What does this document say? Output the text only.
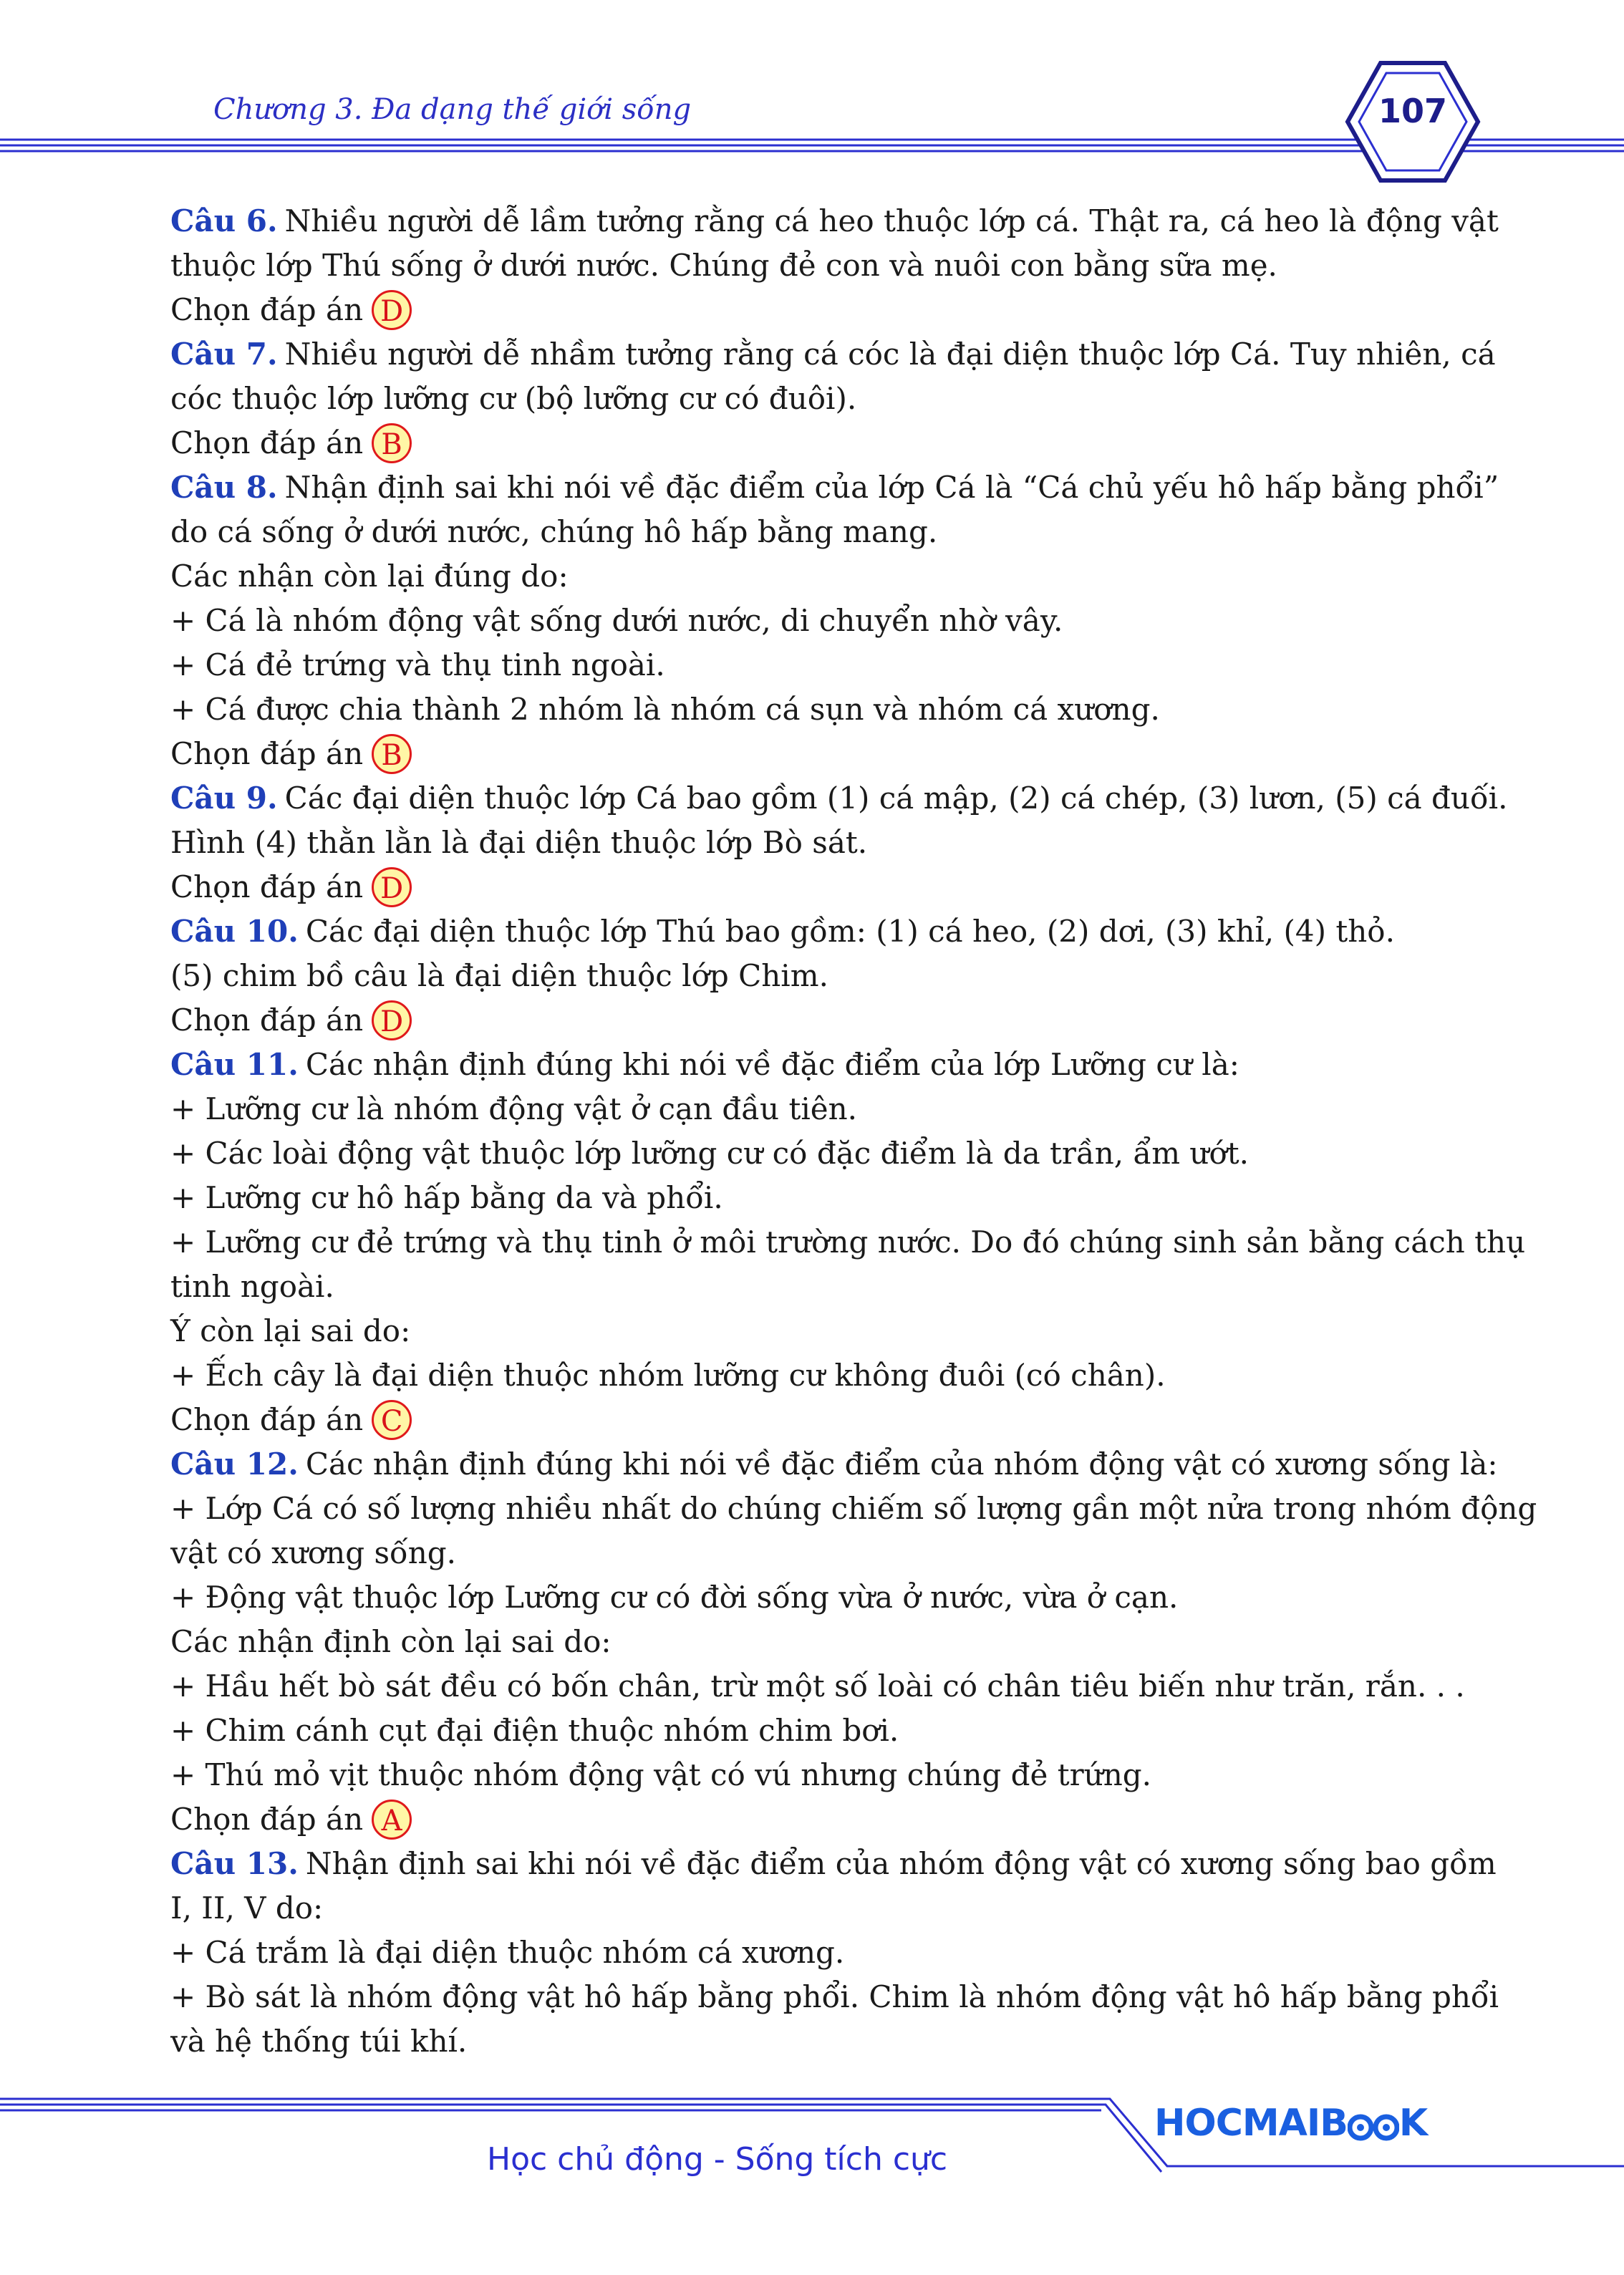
Chương 3. Đa dạng thế giới sống	107
Câu 6. Nhiều người dễ lầm tưởng rằng cá heo thuộc lớp cá. Thật ra, cá heo là động vật
thuộc lớp Thú sống ở dưới nước. Chúng đẻ con và nuôi con bằng sữa mẹ.
Chọn đáp án D
Câu 7. Nhiều người dễ nhầm tưởng rằng cá cóc là đại diện thuộc lớp Cá. Tuy nhiên, cá
cóc thuộc lớp lưỡng cư (bộ lưỡng cư có đuôi).
Chọn đáp án B
Câu 8. Nhận định sai khi nói về đặc điểm của lớp Cá là “Cá chủ yếu hô hấp bằng phổi”
do cá sống ở dưới nước, chúng hô hấp bằng mang.
Các nhận còn lại đúng do:
+ Cá là nhóm động vật sống dưới nước, di chuyển nhờ vây.
+ Cá đẻ trứng và thụ tinh ngoài.
+ Cá được chia thành 2 nhóm là nhóm cá sụn và nhóm cá xương.
Chọn đáp án B
Câu 9. Các đại diện thuộc lớp Cá bao gồm (1) cá mập, (2) cá chép, (3) lươn, (5) cá đuối.
Hình (4) thằn lằn là đại diện thuộc lớp Bò sát.
Chọn đáp án D
Câu 10. Các đại diện thuộc lớp Thú bao gồm: (1) cá heo, (2) dơi, (3) khỉ, (4) thỏ.
(5) chim bồ câu là đại diện thuộc lớp Chim.
Chọn đáp án D
Câu 11. Các nhận định đúng khi nói về đặc điểm của lớp Lưỡng cư là:
+ Lưỡng cư là nhóm động vật ở cạn đầu tiên.
+ Các loài động vật thuộc lớp lưỡng cư có đặc điểm là da trần, ẩm ướt.
+ Lưỡng cư hô hấp bằng da và phổi.
+ Lưỡng cư đẻ trứng và thụ tinh ở môi trường nước. Do đó chúng sinh sản bằng cách thụ
tinh ngoài.
Ý còn lại sai do:
+ Ếch cây là đại diện thuộc nhóm lưỡng cư không đuôi (có chân).
Chọn đáp án C
Câu 12. Các nhận định đúng khi nói về đặc điểm của nhóm động vật có xương sống là:
+ Lớp Cá có số lượng nhiều nhất do chúng chiếm số lượng gần một nửa trong nhóm động
vật có xương sống.
+ Động vật thuộc lớp Lưỡng cư có đời sống vừa ở nước, vừa ở cạn.
Các nhận định còn lại sai do:
+ Hầu hết bò sát đều có bốn chân, trừ một số loài có chân tiêu biến như trăn, rắn. . .
+ Chim cánh cụt đại điện thuộc nhóm chim bơi.
+ Thú mỏ vịt thuộc nhóm động vật có vú nhưng chúng đẻ trứng.
Chọn đáp án A
Câu 13. Nhận định sai khi nói về đặc điểm của nhóm động vật có xương sống bao gồm
I, II, V do:
+ Cá trắm là đại diện thuộc nhóm cá xương.
+ Bò sát là nhóm động vật hô hấp bằng phổi. Chim là nhóm động vật hô hấp bằng phổi
và hệ thống túi khí.
HOCMAIB K
Học chủ động - Sống tích cực
